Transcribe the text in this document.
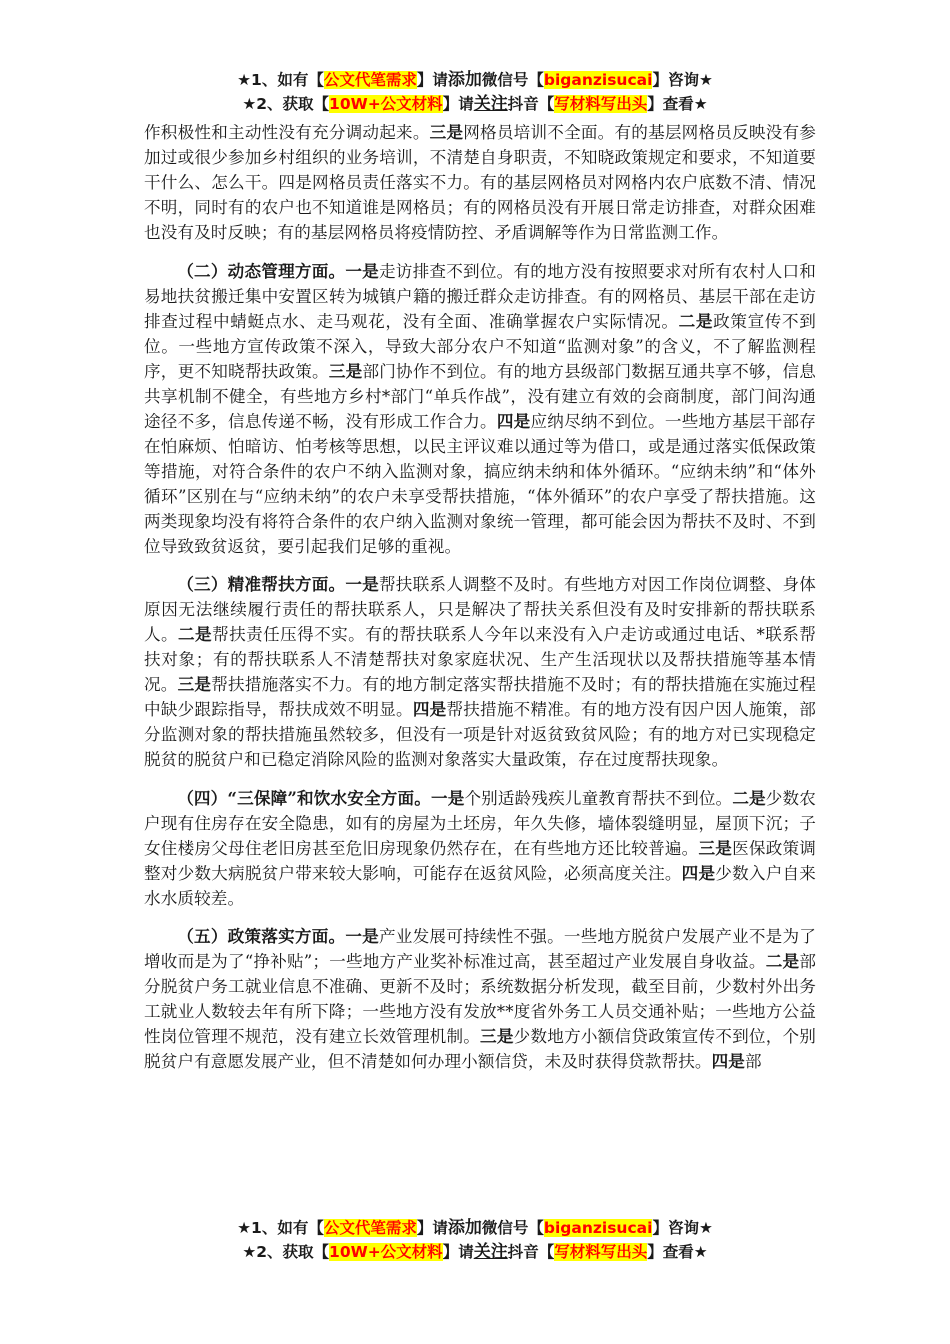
★1、如有【公文代笔需求】请添加微信号【biganzisucai】咨询★
★2、获取【10W+公文材料】请关注抖音【写材料写出头】查看★

作积极性和主动性没有充分调动起来。三是网格员培训不全面。有的基层网格员反映没有参加过或很少参加乡村组织的业务培训，不清楚自身职责，不知晓政策规定和要求，不知道要干什么、怎么干。四是网格员责任落实不力。有的基层网格员对网格内农户底数不清、情况不明，同时有的农户也不知道谁是网格员；有的网格员没有开展日常走访排查，对群众困难也没有及时反映；有的基层网格员将疫情防控、矛盾调解等作为日常监测工作。

（二）动态管理方面。一是走访排查不到位。有的地方没有按照要求对所有农村人口和易地扶贫搬迁集中安置区转为城镇户籍的搬迁群众走访排查。有的网格员、基层干部在走访排查过程中蜻蜓点水、走马观花，没有全面、准确掌握农户实际情况。二是政策宣传不到位。一些地方宣传政策不深入，导致大部分农户不知道“监测对象”的含义，不了解监测程序，更不知晓帮扶政策。三是部门协作不到位。有的地方县级部门数据互通共享不够，信息共享机制不健全，有些地方乡村*部门“单兵作战”，没有建立有效的会商制度，部门间沟通途径不多，信息传递不畅，没有形成工作合力。四是应纳尽纳不到位。一些地方基层干部存在怕麻烦、怕暗访、怕考核等思想，以民主评议难以通过等为借口，或是通过落实低保政策等措施，对符合条件的农户不纳入监测对象，搞应纳未纳和体外循环。“应纳未纳”和“体外循环”区别在与“应纳未纳”的农户未享受帮扶措施，“体外循环”的农户享受了帮扶措施。这两类现象均没有将符合条件的农户纳入监测对象统一管理，都可能会因为帮扶不及时、不到位导致致贫返贫，要引起我们足够的重视。

（三）精准帮扶方面。一是帮扶联系人调整不及时。有些地方对因工作岗位调整、身体原因无法继续履行责任的帮扶联系人，只是解决了帮扶关系但没有及时安排新的帮扶联系人。二是帮扶责任压得不实。有的帮扶联系人今年以来没有入户走访或通过电话、*联系帮扶对象；有的帮扶联系人不清楚帮扶对象家庭状况、生产生活现状以及帮扶措施等基本情况。三是帮扶措施落实不力。有的地方制定落实帮扶措施不及时；有的帮扶措施在实施过程中缺少跟踪指导，帮扶成效不明显。四是帮扶措施不精准。有的地方没有因户因人施策，部分监测对象的帮扶措施虽然较多，但没有一项是针对返贫致贫风险；有的地方对已实现稳定脱贫的脱贫户和已稳定消除风险的监测对象落实大量政策，存在过度帮扶现象。

（四）“三保障”和饮水安全方面。一是个别适龄残疾儿童教育帮扶不到位。二是少数农户现有住房存在安全隐患，如有的房屋为土坯房，年久失修，墙体裂缝明显，屋顶下沉；子女住楼房父母住老旧房甚至危旧房现象仍然存在，在有些地方还比较普遍。三是医保政策调整对少数大病脱贫户带来较大影响，可能存在返贫风险，必须高度关注。四是少数入户自来水水质较差。

（五）政策落实方面。一是产业发展可持续性不强。一些地方脱贫户发展产业不是为了增收而是为了“挣补贴”；一些地方产业奖补标准过高，甚至超过产业发展自身收益。二是部分脱贫户务工就业信息不准确、更新不及时；系统数据分析发现，截至目前，少数村外出务工就业人数较去年有所下降；一些地方没有发放**度省外务工人员交通补贴；一些地方公益性岗位管理不规范，没有建立长效管理机制。三是少数地方小额信贷政策宣传不到位，个别脱贫户有意愿发展产业，但不清楚如何办理小额信贷，未及时获得贷款帮扶。四是部

★1、如有【公文代笔需求】请添加微信号【biganzisucai】咨询★
★2、获取【10W+公文材料】请关注抖音【写材料写出头】查看★
